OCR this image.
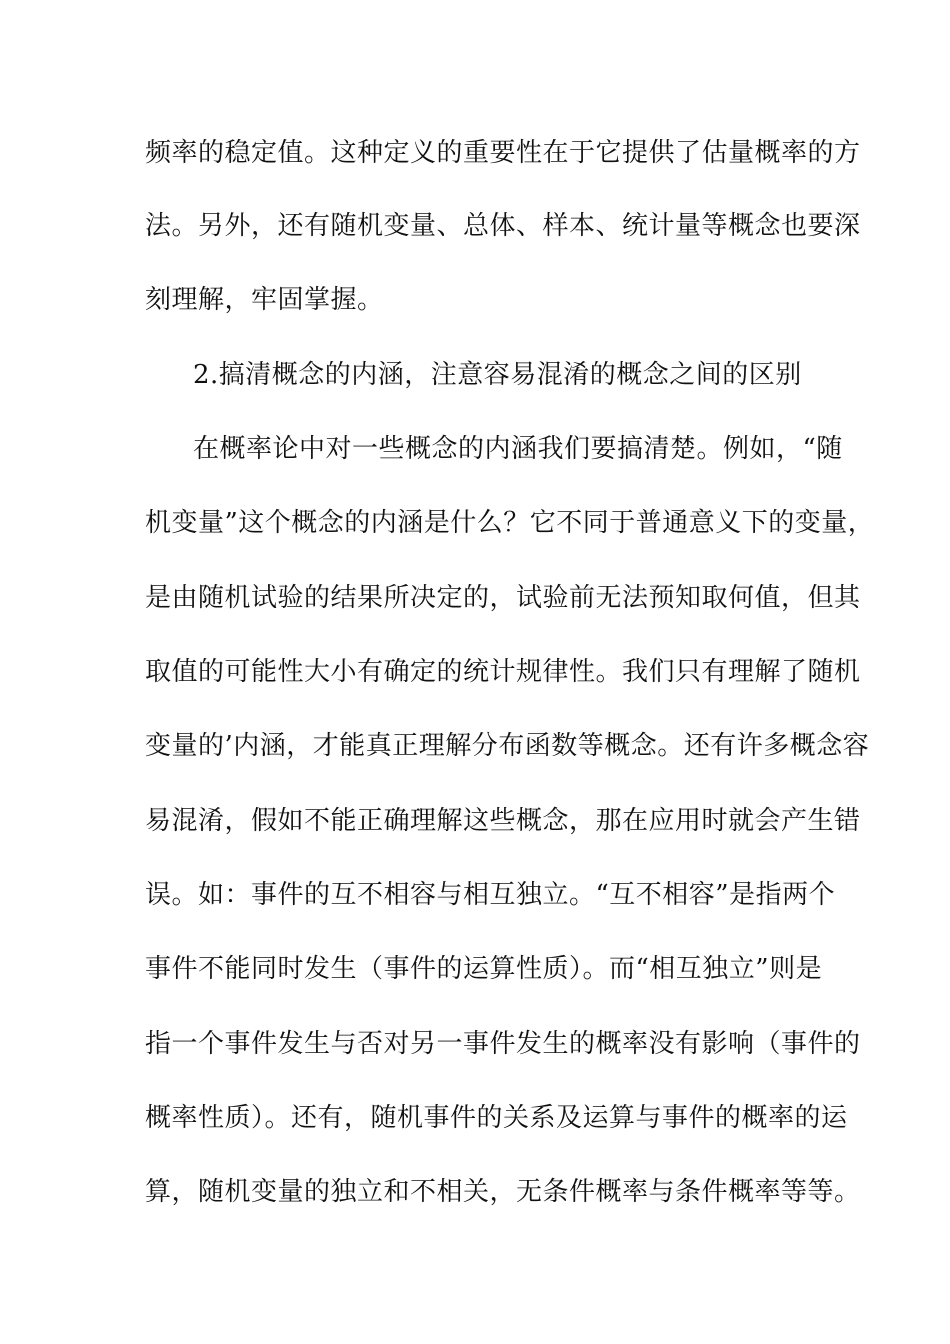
频率的稳定值。这种定义的重要性在于它提供了估量概率的方
法。另外，还有随机变量、总体、样本、统计量等概念也要深
刻理解，牢固掌握。
2.搞清概念的内涵，注意容易混淆的概念之间的区别
在概率论中对一些概念的内涵我们要搞清楚。例如，“随
机变量”这个概念的内涵是什么？它不同于普通意义下的变量，
是由随机试验的结果所决定的，试验前无法预知取何值，但其
取值的可能性大小有确定的统计规律性。我们只有理解了随机
变量的’内涵，才能真正理解分布函数等概念。还有许多概念容
易混淆，假如不能正确理解这些概念，那在应用时就会产生错
误。如：事件的互不相容与相互独立。“互不相容”是指两个
事件不能同时发生（事件的运算性质）。而“相互独立”则是
指一个事件发生与否对另一事件发生的概率没有影响（事件的
概率性质）。还有，随机事件的关系及运算与事件的概率的运
算，随机变量的独立和不相关，无条件概率与条件概率等等。
